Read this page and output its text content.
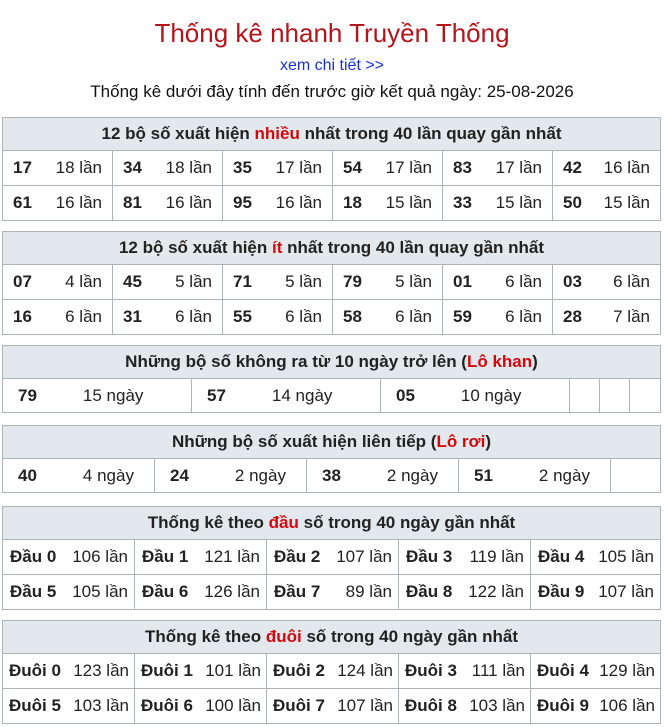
Thống kê nhanh Truyền Thống
xem chi tiết >>
Thống kê dưới đây tính đến trước giờ kết quả ngày: 25-08-2026
12 bộ số xuất hiện nhiều nhất trong 40 lần quay gần nhất
17 18 lần 34 18 lần 35 17 lần 54 17 lần 83 17 lần 42 16 lần
61 16 lần 81 16 lần 95 16 lần 18 15 lần 33 15 lần 50 15 lần
12 bộ số xuất hiện ít nhất trong 40 lần quay gần nhất
07 4 lần 45 5 lần 71 5 lần 79 5 lần 01 6 lần 03 6 lần
16 6 lần 31 6 lần 55 6 lần 58 6 lần 59 6 lần 28 7 lần
Những bộ số không ra từ 10 ngày trở lên (Lô khan)
79	15 ngày	57	14 ngày	05	10 ngày
Những bộ số xuất hiện liên tiếp (Lô rơi)
40	4 ngày 24	2 ngày 38	2 ngày 51	2 ngày
Thống kê theo đầu số trong 40 ngày gần nhất
Đầu 0 106 lần Đầu 1 121 lần Đầu 2 107 lần Đầu 3 119 lần Đầu 4 105 lần
Đầu 5 105 lần Đầu 6 126 lần Đầu 7 89 lần Đầu 8 122 lần Đầu 9 107 lần
Thống kê theo đuôi số trong 40 ngày gần nhất
Đuôi 0 123 lần Đuôi 1 101 lần Đuôi 2 124 lần Đuôi 3 111 lần Đuôi 4 129 lần
Đuôi 5 103 lần Đuôi 6 100 lần Đuôi 7 107 lần Đuôi 8 103 lần Đuôi 9 106 lần
